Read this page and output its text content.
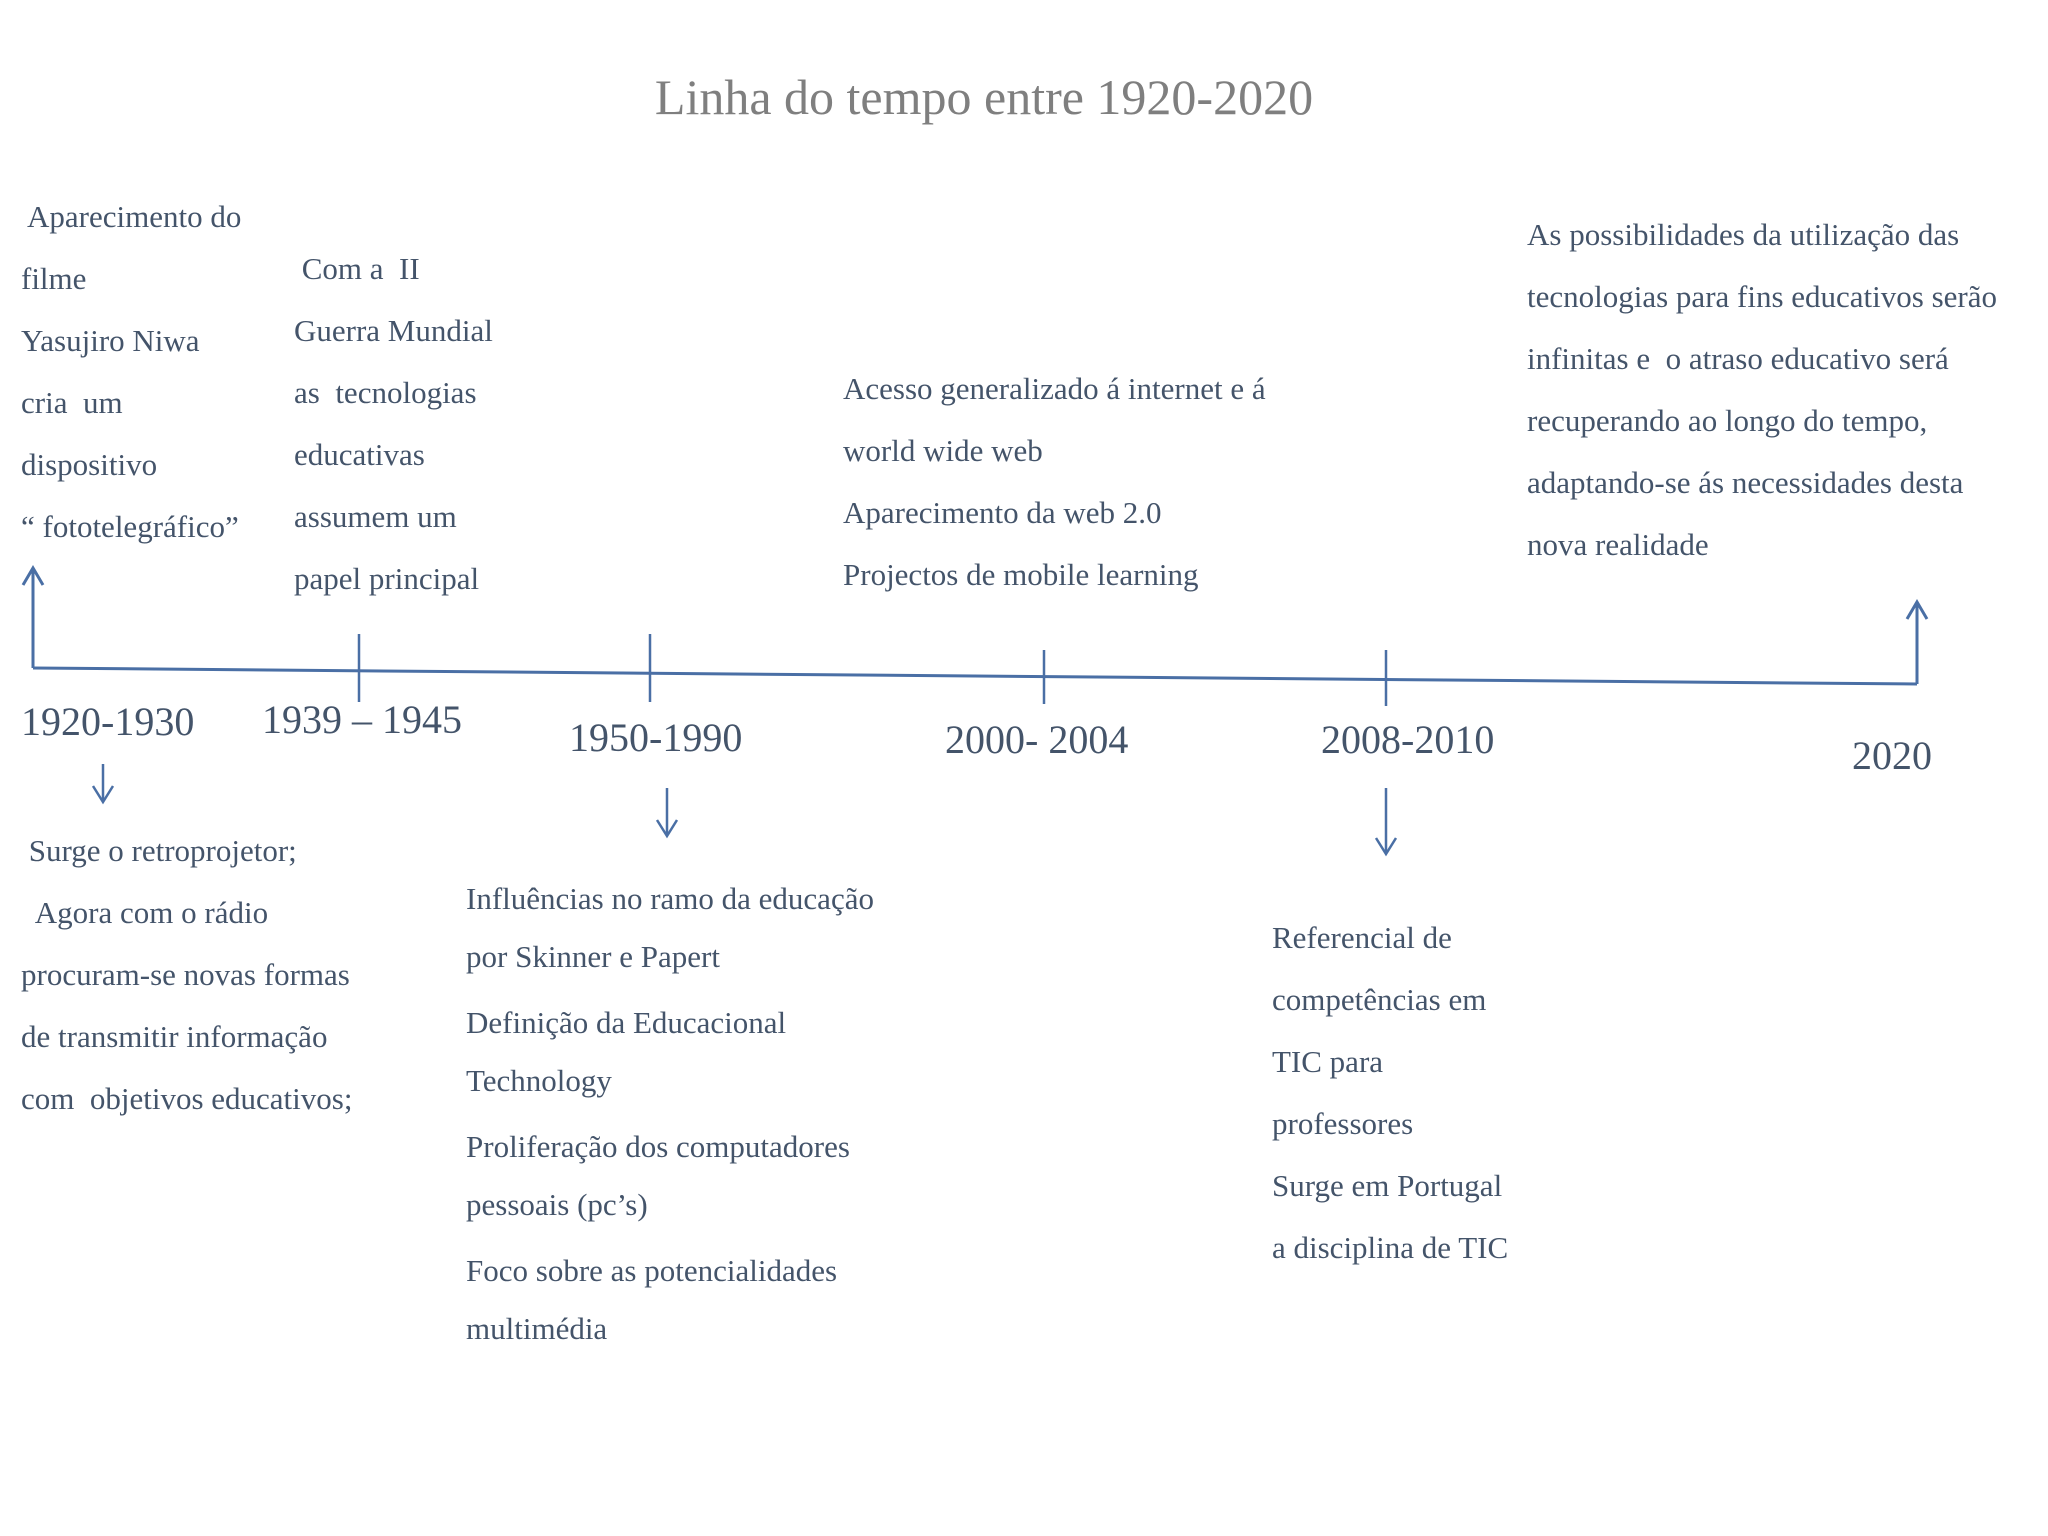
Linha do tempo entre 1920-2020
1920-1930 1939 – 1945	1950-1990	2000- 2004	2008-2010	2020
Aparecimento do
filme
Yasujiro Niwa
cria  um
dispositivo
“ fototelegráfico”
Com a  II
Guerra Mundial
as  tecnologias
educativas
assumem um
papel principal
Acesso generalizado á internet e á
world wide web
Aparecimento da web 2.0
Projectos de mobile learning
As possibilidades da utilização das
tecnologias para fins educativos serão
infinitas e  o atraso educativo será
recuperando ao longo do tempo,
adaptando-se ás necessidades desta
nova realidade
Surge o retroprojetor;
Agora com o rádio
procuram-se novas formas
de transmitir informação
com  objetivos educativos;
Influências no ramo da educação
por Skinner e Papert
Definição da Educacional
Technology
Proliferação dos computadores
pessoais (pc’s)
Foco sobre as potencialidades
multimédia
Referencial de
competências em
TIC para
professores
Surge em Portugal
a disciplina de TIC
